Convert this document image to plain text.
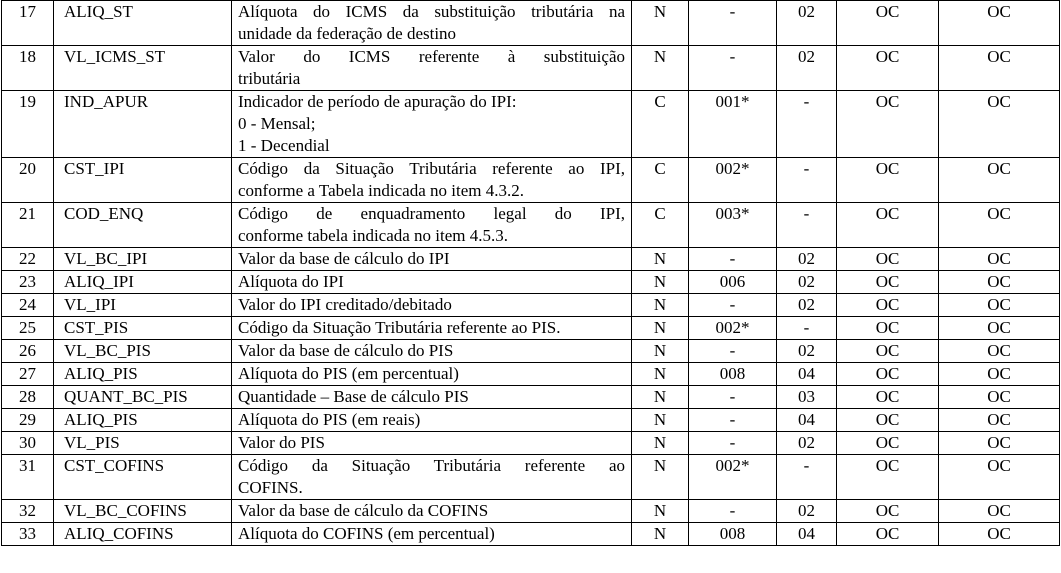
17	ALIQ_ST	Alíquota do ICMS da substituição tributária na
unidade da federação de destino	N	-	02	OC	OC
18	VL_ICMS_ST	Valor do ICMS referente à substituição
tributária	N	-	02	OC	OC
19	IND_APUR	Indicador de período de apuração do IPI:
0 - Mensal;
1 - Decendial	C	001*	-	OC	OC
20	CST_IPI	Código da Situação Tributária referente ao IPI,
conforme a Tabela indicada no item 4.3.2.	C	002*	-	OC	OC
21	COD_ENQ	Código de enquadramento legal do IPI,
conforme tabela indicada no item 4.5.3.	C	003*	-	OC	OC
22	VL_BC_IPI	Valor da base de cálculo do IPI	N	-	02	OC	OC
23	ALIQ_IPI	Alíquota do IPI	N	006	02	OC	OC
24	VL_IPI	Valor do IPI creditado/debitado	N	-	02	OC	OC
25	CST_PIS	Código da Situação Tributária referente ao PIS.	N	002*	-	OC	OC
26	VL_BC_PIS	Valor da base de cálculo do PIS	N	-	02	OC	OC
27	ALIQ_PIS	Alíquota do PIS (em percentual)	N	008	04	OC	OC
28	QUANT_BC_PIS	Quantidade – Base de cálculo PIS	N	-	03	OC	OC
29	ALIQ_PIS	Alíquota do PIS (em reais)	N	-	04	OC	OC
30	VL_PIS	Valor do PIS	N	-	02	OC	OC
31	CST_COFINS	Código da Situação Tributária referente ao
COFINS.	N	002*	-	OC	OC
32	VL_BC_COFINS	Valor da base de cálculo da COFINS	N	-	02	OC	OC
33	ALIQ_COFINS	Alíquota do COFINS (em percentual)	N	008	04	OC	OC
